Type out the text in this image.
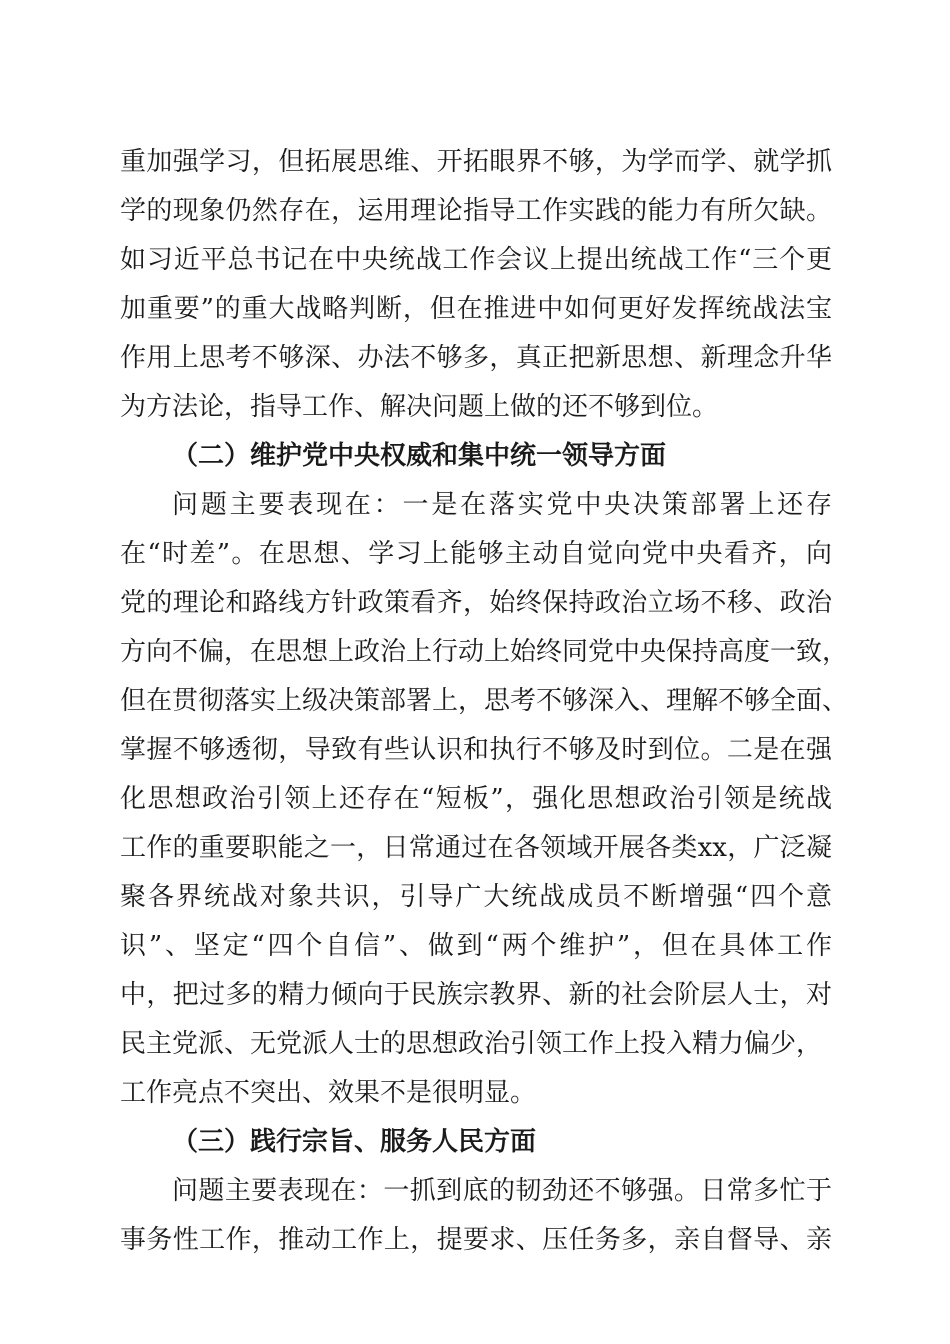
重加强学习，但拓展思维、开拓眼界不够，为学而学、就学抓
学的现象仍然存在，运用理论指导工作实践的能力有所欠缺。
如习近平总书记在中央统战工作会议上提出统战工作“三个更
加重要”的重大战略判断，但在推进中如何更好发挥统战法宝
作用上思考不够深、办法不够多，真正把新思想、新理念升华
为方法论，指导工作、解决问题上做的还不够到位。
（二）维护党中央权威和集中统一领导方面
问题主要表现在：一是在落实党中央决策部署上还存
在“时差”。在思想、学习上能够主动自觉向党中央看齐，向
党的理论和路线方针政策看齐，始终保持政治立场不移、政治
方向不偏，在思想上政治上行动上始终同党中央保持高度一致，
但在贯彻落实上级决策部署上，思考不够深入、理解不够全面、
掌握不够透彻，导致有些认识和执行不够及时到位。二是在强
化思想政治引领上还存在“短板”，强化思想政治引领是统战
工作的重要职能之一，日常通过在各领域开展各类xx，广泛凝
聚各界统战对象共识，引导广大统战成员不断增强“四个意
识”、坚定“四个自信”、做到“两个维护”，但在具体工作
中，把过多的精力倾向于民族宗教界、新的社会阶层人士，对
民主党派、无党派人士的思想政治引领工作上投入精力偏少，
工作亮点不突出、效果不是很明显。
（三）践行宗旨、服务人民方面
问题主要表现在：一抓到底的韧劲还不够强。日常多忙于
事务性工作，推动工作上，提要求、压任务多，亲自督导、亲
